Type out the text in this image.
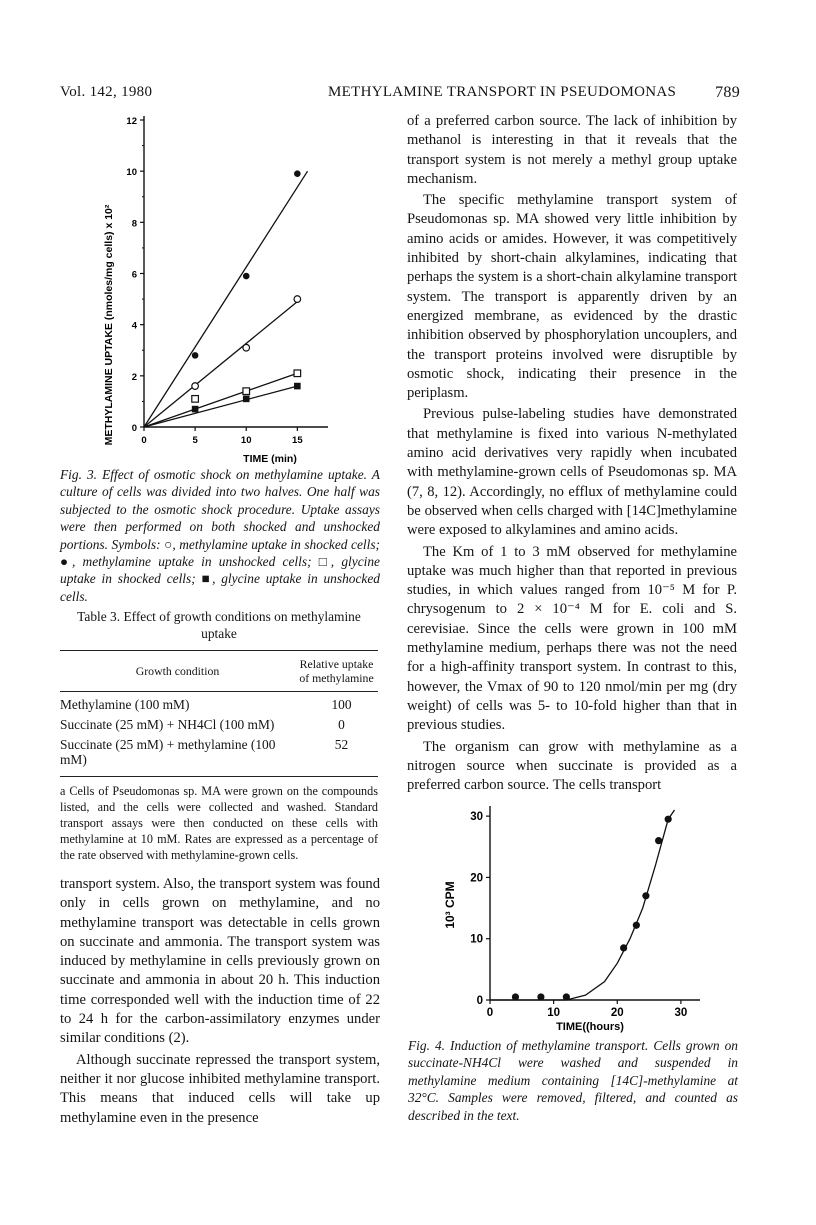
Vol. 142, 1980	METHYLAMINE TRANSPORT IN PSEUDOMONAS 789
0	5	10	15
0
2
4
6
8
10
12
METHYLAMINE UPTAKE (nmoles/mg cells) x 10²
TIME (min)
Fig. 3. Effect of osmotic shock on methylamine uptake. A culture of cells was divided into two halves. One half was subjected to the osmotic shock procedure. Uptake assays were then performed on both shocked and unshocked portions. Symbols: ○, methylamine uptake in shocked cells; ●, methylamine uptake in unshocked cells; □, glycine uptake in shocked cells; ■, glycine uptake in unshocked cells.
Table 3. Effect of growth conditions on methylamine uptake
Growth condition	Relative uptake of methylamine
Methylamine (100 mM)	100
Succinate (25 mM) + NH4Cl (100 mM)	0
Succinate (25 mM) + methylamine (100 mM)	52
a Cells of Pseudomonas sp. MA were grown on the compounds listed, and the cells were collected and washed. Standard transport assays were then conducted on these cells with methylamine at 10 mM. Rates are expressed as a percentage of the rate observed with methylamine-grown cells.

transport system. Also, the transport system was found only in cells grown on methylamine, and no methylamine transport was detectable in cells grown on succinate and ammonia. The transport system was induced by methylamine in cells previously grown on succinate and ammonia in about 20 h. This induction time corresponded well with the induction time of 22 to 24 h for the carbon-assimilatory enzymes under similar conditions (2).

Although succinate repressed the transport system, neither it nor glucose inhibited methylamine transport. This means that induced cells will take up methylamine even in the presence

of a preferred carbon source. The lack of inhibition by methanol is interesting in that it reveals that the transport system is not merely a methyl group uptake mechanism.

The specific methylamine transport system of Pseudomonas sp. MA showed very little inhibition by amino acids or amides. However, it was competitively inhibited by short-chain alkylamines, indicating that perhaps the system is a short-chain alkylamine transport system. The transport is apparently driven by an energized membrane, as evidenced by the drastic inhibition observed by phosphorylation uncouplers, and the transport proteins involved were disruptible by osmotic shock, indicating their presence in the periplasm.

Previous pulse-labeling studies have demonstrated that methylamine is fixed into various N-methylated amino acid derivatives very rapidly when incubated with methylamine-grown cells of Pseudomonas sp. MA (7, 8, 12). Accordingly, no efflux of methylamine could be observed when cells charged with [14C]methylamine were exposed to alkylamines and amino acids.

The Km of 1 to 3 mM observed for methylamine uptake was much higher than that reported in previous studies, in which values ranged from 10⁻⁵ M for P. chrysogenum to 2 × 10⁻⁴ M for E. coli and S. cerevisiae. Since the cells were grown in 100 mM methylamine medium, perhaps there was not the need for a high-affinity transport system. In contrast to this, however, the Vmax of 90 to 120 nmol/min per mg (dry weight) of cells was 5- to 10-fold higher than that in previous studies.

The organism can grow with methylamine as a nitrogen source when succinate is provided as a preferred carbon source. The cells transport

0	10	20	30
0
10
20
30
10³ CPM
TIME((hours)
Fig. 4. Induction of methylamine transport. Cells grown on succinate-NH4Cl were washed and suspended in methylamine medium containing [14C]-methylamine at 32°C. Samples were removed, filtered, and counted as described in the text.
